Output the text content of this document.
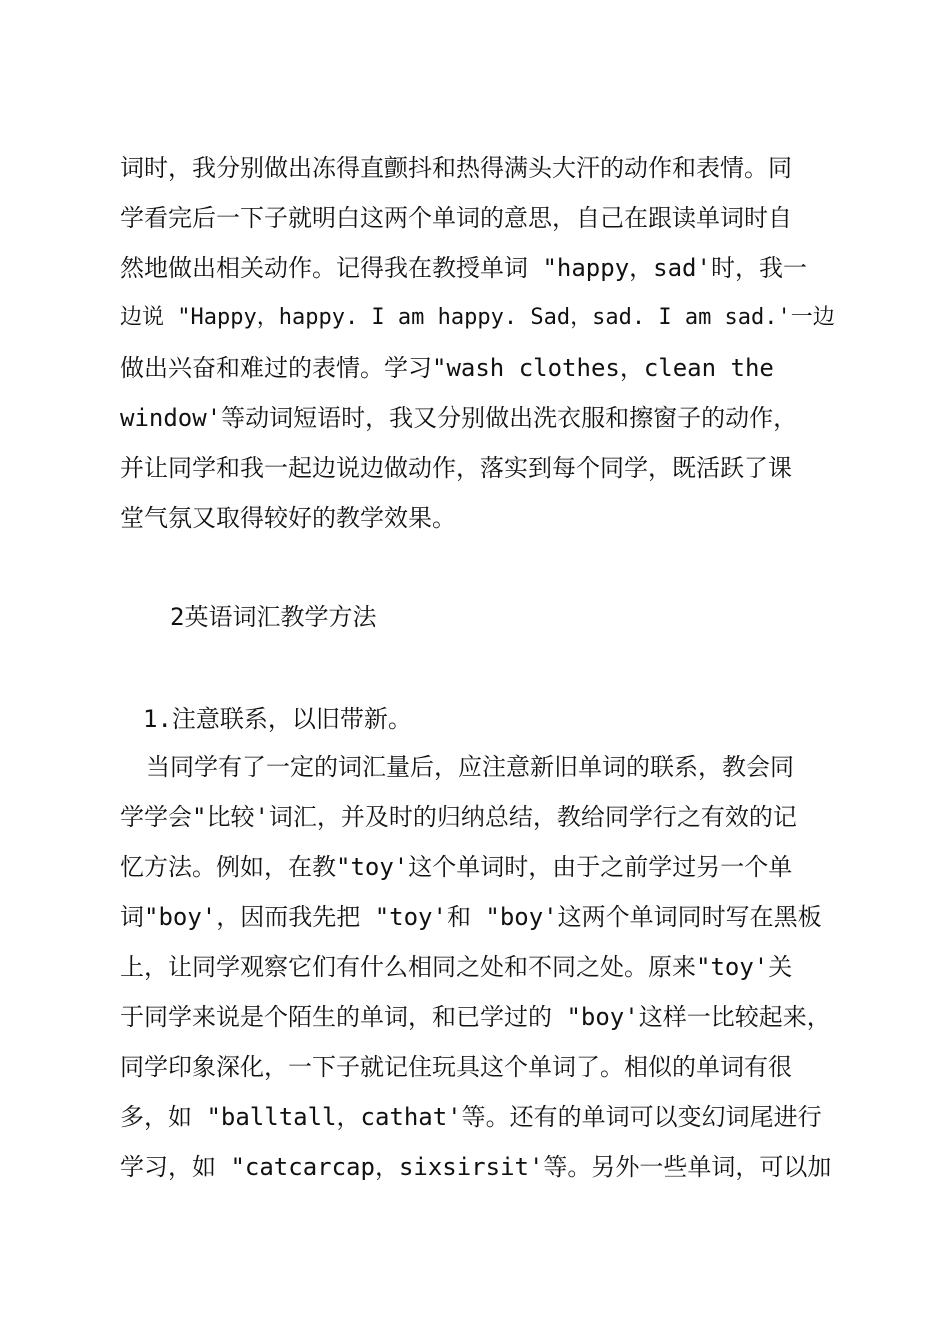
词时，我分别做出冻得直颤抖和热得满头大汗的动作和表情。同
学看完后一下子就明白这两个单词的意思，自己在跟读单词时自
然地做出相关动作。记得我在教授单词 "happy，sad'时，我一
边说 "Happy，happy. I am happy. Sad，sad. I am sad.'一边
做出兴奋和难过的表情。学习"wash clothes，clean the
window'等动词短语时，我又分别做出洗衣服和擦窗子的动作，
并让同学和我一起边说边做动作，落实到每个同学，既活跃了课
堂气氛又取得较好的教学效果。
2英语词汇教学方法
1.注意联系，以旧带新。
当同学有了一定的词汇量后，应注意新旧单词的联系，教会同
学学会"比较'词汇，并及时的归纳总结，教给同学行之有效的记
忆方法。例如，在教"toy'这个单词时，由于之前学过另一个单
词"boy'，因而我先把 "toy'和 "boy'这两个单词同时写在黑板
上，让同学观察它们有什么相同之处和不同之处。原来"toy'关
于同学来说是个陌生的单词，和已学过的 "boy'这样一比较起来，
同学印象深化，一下子就记住玩具这个单词了。相似的单词有很
多，如 "balltall，cathat'等。还有的单词可以变幻词尾进行
学习，如 "catcarcap，sixsirsit'等。另外一些单词，可以加
